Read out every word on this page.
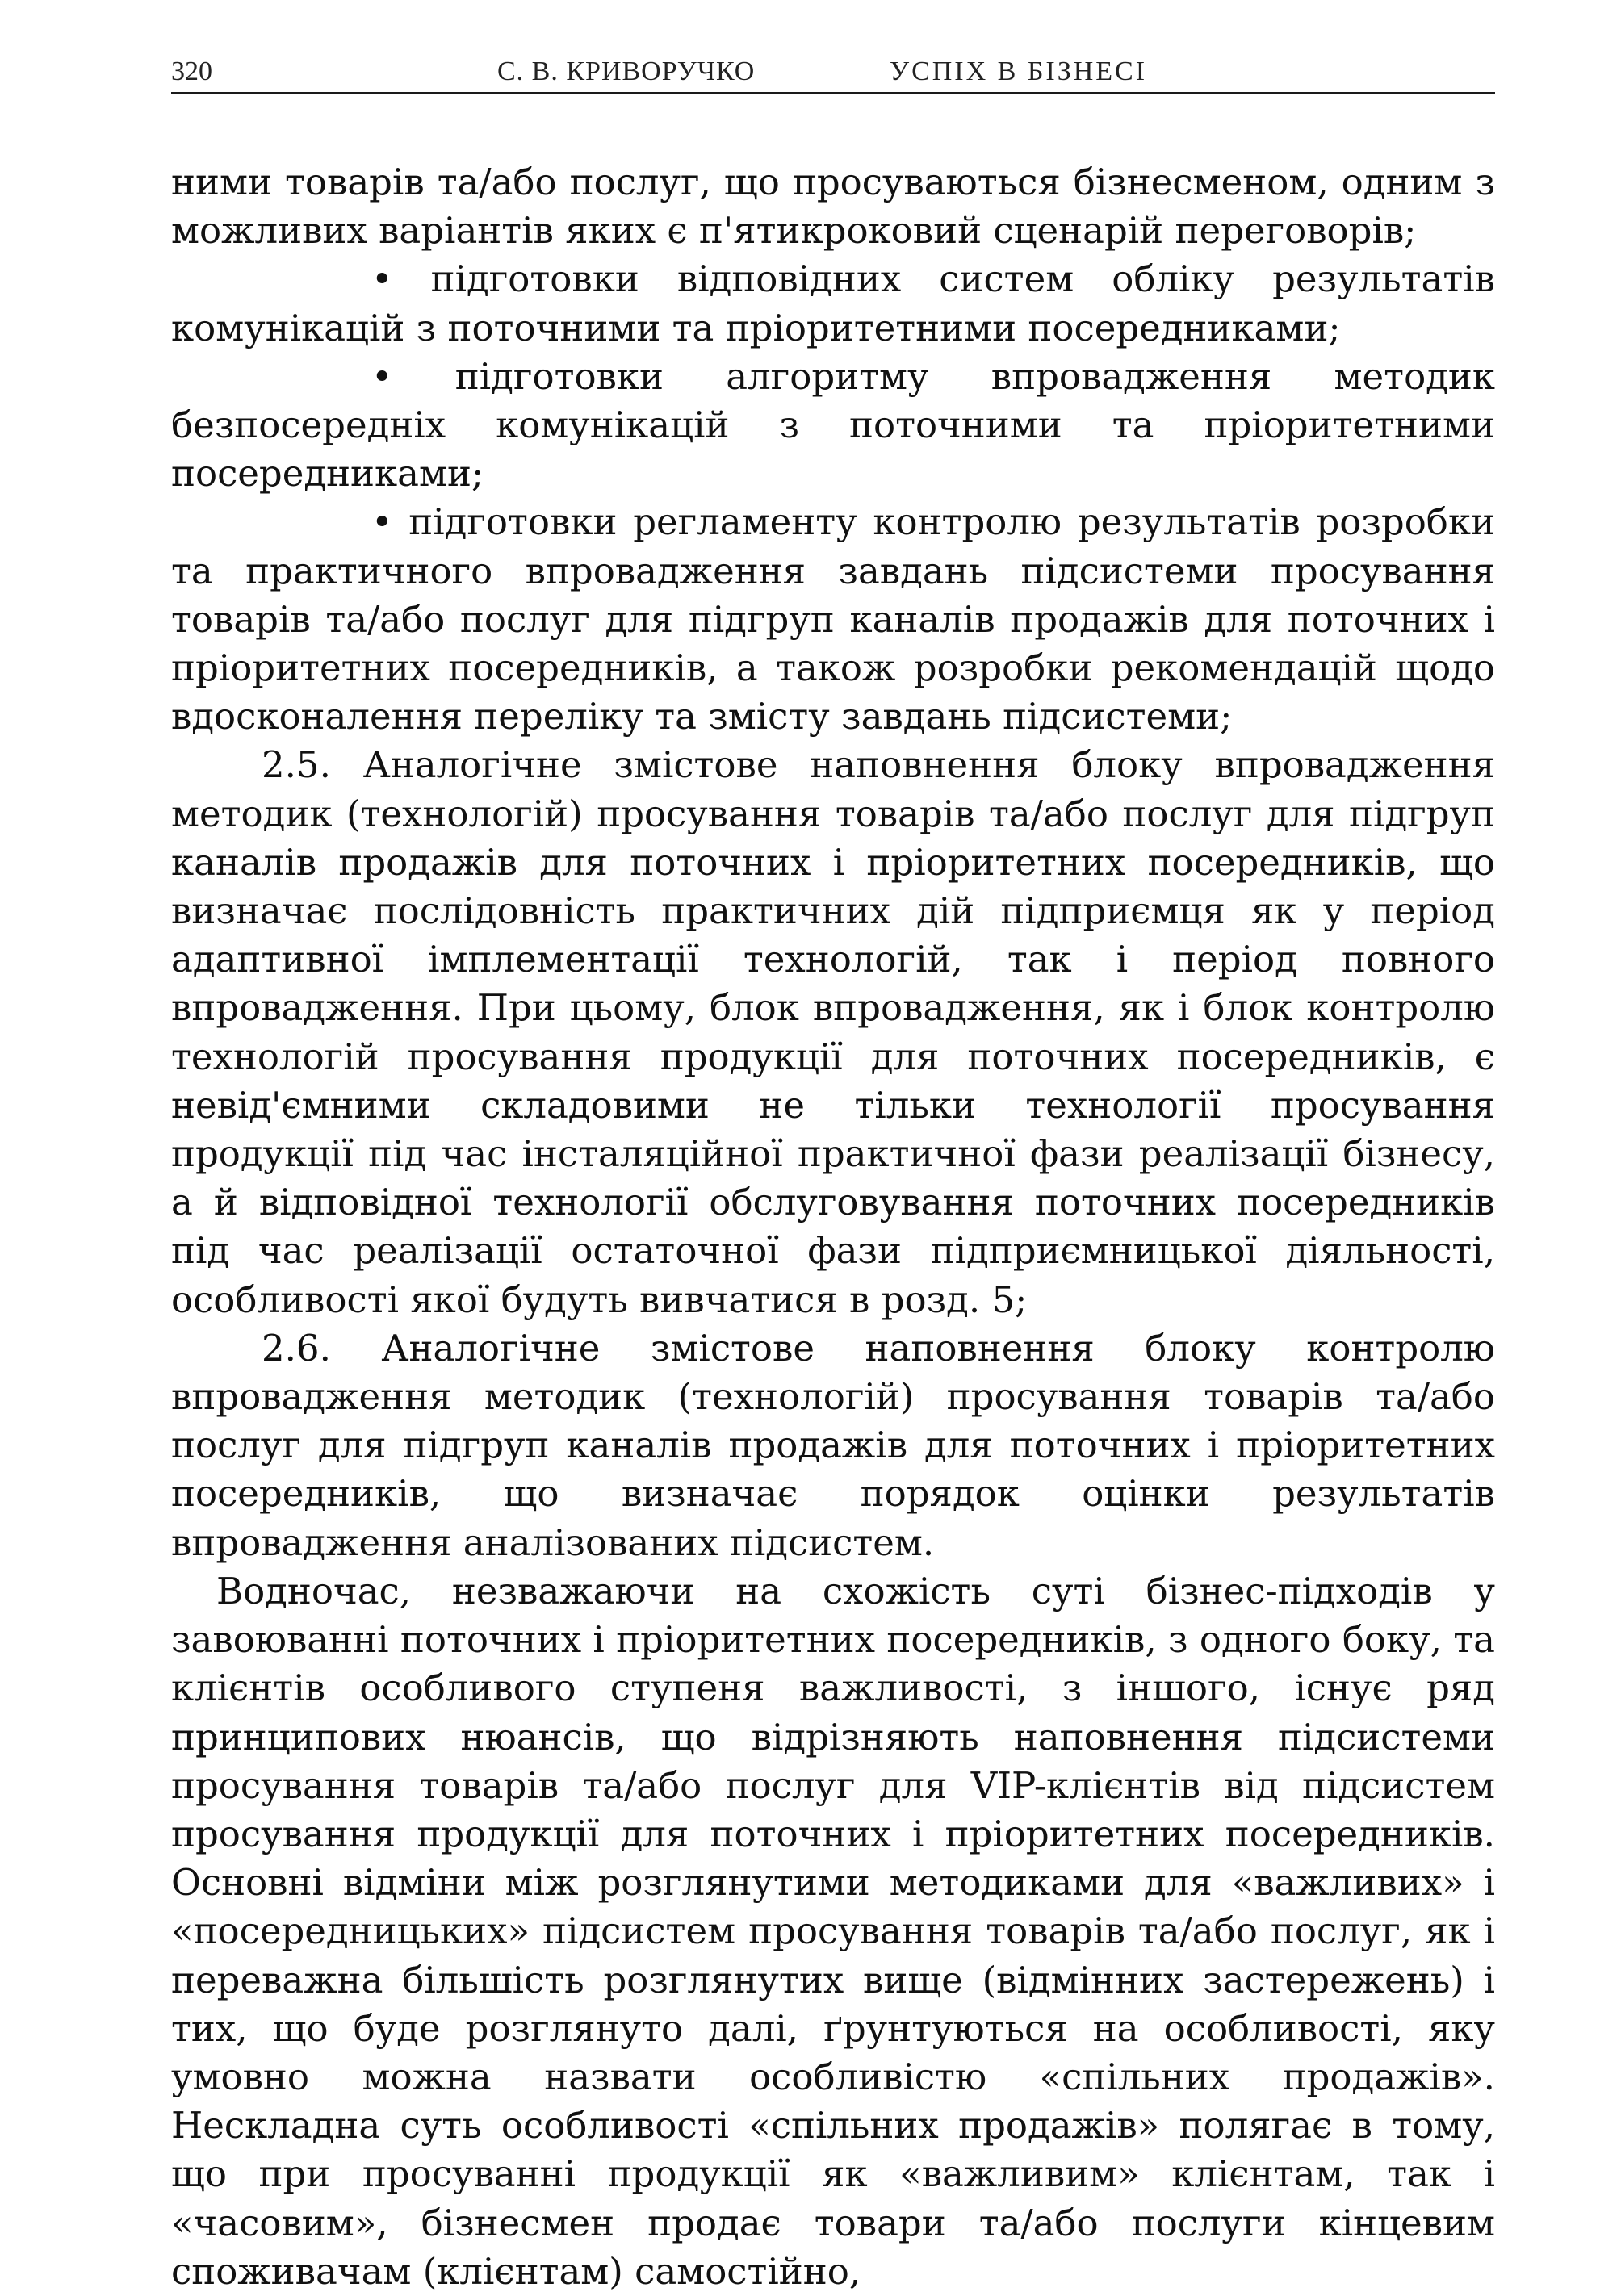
320	С. В. КРИВОРУЧКО	УСПІХ В БІЗНЕСІ

ними товарів та/або послуг, що просуваються бізнесменом, одним з можливих варіантів яких є п'ятикроковий сценарій переговорів;

• підготовки відповідних систем обліку результатів комунікацій з поточними та пріоритетними посередниками;

• підготовки алгоритму впровадження методик безпосередніх комунікацій з поточними та пріоритетними посередниками;

• підготовки регламенту контролю результатів розробки та практичного впровадження завдань підсистеми просування товарів та/або послуг для підгруп каналів продажів для поточних і пріоритетних посередників, а також розробки рекомендацій щодо вдосконалення переліку та змісту завдань підсистеми;

2.5. Аналогічне змістове наповнення блоку впровадження методик (технологій) просування товарів та/або послуг для підгруп каналів продажів для поточних і пріоритетних посередників, що визначає послідовність практичних дій підприємця як у період адаптивної імплементації технологій, так і період повного впровадження. При цьому, блок впровадження, як і блок контролю технологій просування продукції для поточних посередників, є невід'ємними складовими не тільки технології просування продукції під час інсталяційної практичної фази реалізації бізнесу, а й відповідної технології обслуговування поточних посередників під час реалізації остаточної фази підприємницької діяльності, особливості якої будуть вивчатися в розд. 5;

2.6. Аналогічне змістове наповнення блоку контролю впровадження методик (технологій) просування товарів та/або послуг для підгруп каналів продажів для поточних і пріоритетних посередників, що визначає порядок оцінки результатів впровадження аналізованих підсистем.

Водночас, незважаючи на схожість суті бізнес-підходів у завоюванні поточних і пріоритетних посередників, з одного боку, та клієнтів особливого ступеня важливості, з іншого, існує ряд принципових нюансів, що відрізняють наповнення підсистеми просування товарів та/або послуг для VIP-клієнтів від підсистем просування продукції для поточних і пріоритетних посередників. Основні відміни між розглянутими методиками для «важливих» і «посередницьких» підсистем просування товарів та/або послуг, як і переважна більшість розглянутих вище (відмінних застережень) і тих, що буде розглянуто далі, ґрунтуються на особливості, яку умовно можна назвати особливістю «спільних продажів». Нескладна суть особливості «спільних продажів» полягає в тому, що при просуванні продукції як «важливим» клієнтам, так і «часовим», бізнесмен продає товари та/або послуги кінцевим споживачам (клієнтам) самостійно,
